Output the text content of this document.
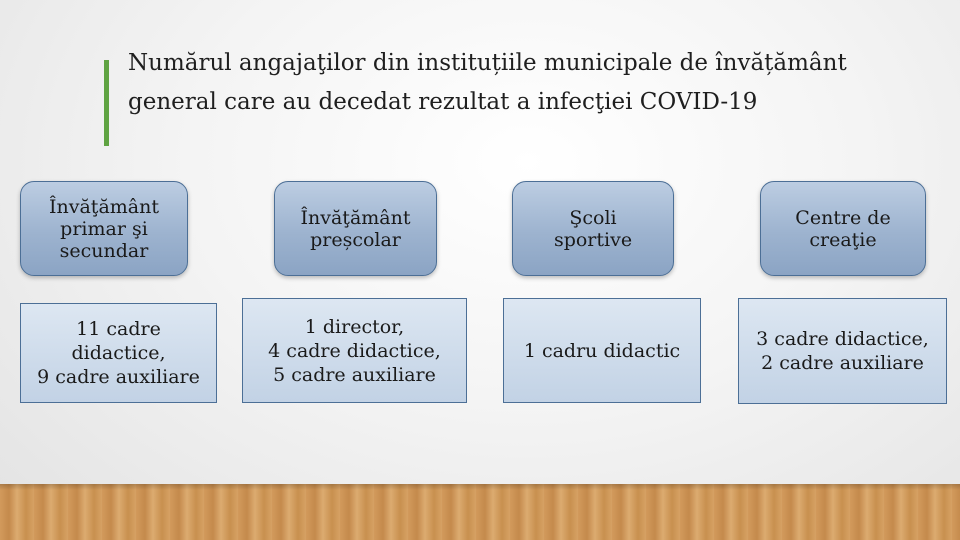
Numărul angajaţilor din instituțiile municipale de învățământ
general care au decedat rezultat a infecţiei COVID-19
Învăţământ
primar şi
secundar
11 cadre
didactice,
9 cadre auxiliare
Învăţământ
preșcolar
1 director,
4 cadre didactice,
5 cadre auxiliare
Şcoli
sportive
1 cadru didactic
Centre de
creaţie
3 cadre didactice,
2 cadre auxiliare
